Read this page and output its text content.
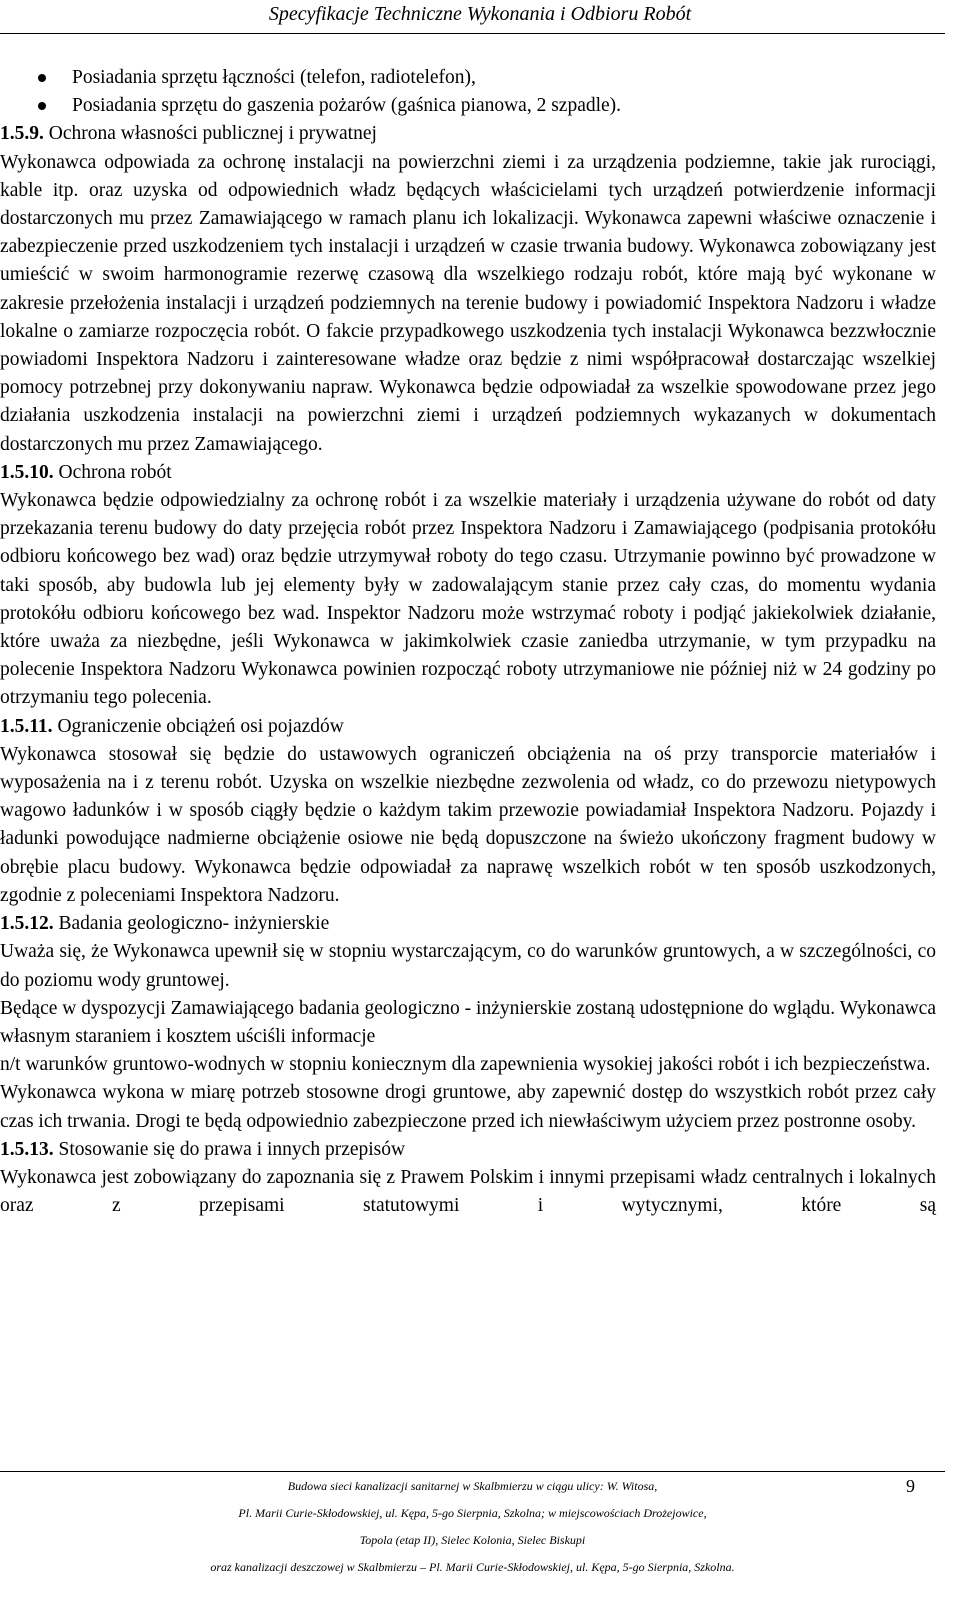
Specyfikacje Techniczne Wykonania i Odbioru Robót
Posiadania sprzętu łączności (telefon, radiotelefon),
Posiadania sprzętu do gaszenia pożarów (gaśnica pianowa, 2 szpadle).

1.5.9. Ochrona własności publicznej i prywatnej

Wykonawca odpowiada za ochronę instalacji na powierzchni ziemi i za urządzenia podziemne, takie jak rurociągi, kable itp. oraz uzyska od odpowiednich władz będących właścicielami tych urządzeń potwierdzenie informacji dostarczonych mu przez Zamawiającego w ramach planu ich lokalizacji. Wykonawca zapewni właściwe oznaczenie i zabezpieczenie przed uszkodzeniem tych instalacji i urządzeń w czasie trwania budowy. Wykonawca zobowiązany jest umieścić w swoim harmonogramie rezerwę czasową dla wszelkiego rodzaju robót, które mają być wykonane w zakresie przełożenia instalacji i urządzeń podziemnych na terenie budowy i powiadomić Inspektora Nadzoru i władze lokalne o zamiarze rozpoczęcia robót. O fakcie przypadkowego uszkodzenia tych instalacji Wykonawca bezzwłocznie powiadomi Inspektora Nadzoru i zainteresowane władze oraz będzie z nimi współpracował dostarczając wszelkiej pomocy potrzebnej przy dokonywaniu napraw. Wykonawca będzie odpowiadał za wszelkie spowodowane przez jego działania uszkodzenia instalacji na powierzchni ziemi i urządzeń podziemnych wykazanych w dokumentach dostarczonych mu przez Zamawiającego.

1.5.10. Ochrona robót

Wykonawca będzie odpowiedzialny za ochronę robót i za wszelkie materiały i urządzenia używane do robót od daty przekazania terenu budowy do daty przejęcia robót przez Inspektora Nadzoru i Zamawiającego (podpisania protokółu odbioru końcowego bez wad) oraz będzie utrzymywał roboty do tego czasu. Utrzymanie powinno być prowadzone w taki sposób, aby budowla lub jej elementy były w zadowalającym stanie przez cały czas, do momentu wydania protokółu odbioru końcowego bez wad. Inspektor Nadzoru może wstrzymać roboty i podjąć jakiekolwiek działanie, które uważa za niezbędne, jeśli Wykonawca w jakimkolwiek czasie zaniedba utrzymanie, w tym przypadku na polecenie Inspektora Nadzoru Wykonawca powinien rozpocząć roboty utrzymaniowe nie później niż w 24 godziny po otrzymaniu tego polecenia.

1.5.11. Ograniczenie obciążeń osi pojazdów

Wykonawca stosował się będzie do ustawowych ograniczeń obciążenia na oś przy transporcie materiałów i wyposażenia na i z terenu robót. Uzyska on wszelkie niezbędne zezwolenia od władz, co do przewozu nietypowych wagowo ładunków i w sposób ciągły będzie o każdym takim przewozie powiadamiał Inspektora Nadzoru. Pojazdy i ładunki powodujące nadmierne obciążenie osiowe nie będą dopuszczone na świeżo ukończony fragment budowy w obrębie placu budowy. Wykonawca będzie odpowiadał za naprawę wszelkich robót w ten sposób uszkodzonych, zgodnie z poleceniami Inspektora Nadzoru.

1.5.12. Badania geologiczno- inżynierskie

Uważa się, że Wykonawca upewnił się w stopniu wystarczającym, co do warunków gruntowych, a w szczególności, co do poziomu wody gruntowej.

Będące w dyspozycji Zamawiającego badania geologiczno - inżynierskie zostaną udostępnione do wglądu. Wykonawca własnym staraniem i kosztem uściśli informacje

n/t warunków gruntowo-wodnych w stopniu koniecznym dla zapewnienia wysokiej jakości robót i ich bezpieczeństwa.

Wykonawca wykona w miarę potrzeb stosowne drogi gruntowe, aby zapewnić dostęp do wszystkich robót przez cały czas ich trwania. Drogi te będą odpowiednio zabezpieczone przed ich niewłaściwym użyciem przez postronne osoby.

1.5.13. Stosowanie się do prawa i innych przepisów

Wykonawca jest zobowiązany do zapoznania się z Prawem Polskim i innymi przepisami władz centralnych i lokalnych oraz z przepisami statutowymi i wytycznymi, które są

Budowa sieci kanalizacji sanitarnej w Skalbmierzu w ciągu ulicy: W. Witosa,
Pl. Marii Curie-Skłodowskiej, ul. Kępa, 5-go Sierpnia, Szkolna; w miejscowościach Drożejowice,
Topola (etap II), Sielec Kolonia, Sielec Biskupi
oraz kanalizacji deszczowej w Skalbmierzu – Pl. Marii Curie-Skłodowskiej, ul. Kępa, 5-go Sierpnia, Szkolna.
9
